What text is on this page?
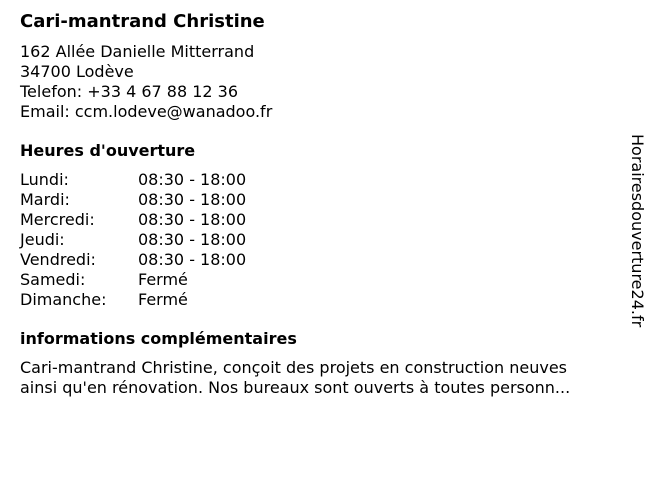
Cari-mantrand Christine
162 Allée Danielle Mitterrand
34700 Lodève
Telefon: +33 4 67 88 12 36
Email: ccm.lodeve@wanadoo.fr
Heures d'ouverture
Lundi:	08:30 - 18:00
Mardi:	08:30 - 18:00
Mercredi:	08:30 - 18:00
Jeudi:	08:30 - 18:00
Vendredi:	08:30 - 18:00
Samedi:	Fermé
Dimanche:	Fermé
informations complémentaires
Cari-mantrand Christine, conçoit des projets en construction neuves
ainsi qu'en rénovation. Nos bureaux sont ouverts à toutes personn...
Horairesdouverture24.fr
